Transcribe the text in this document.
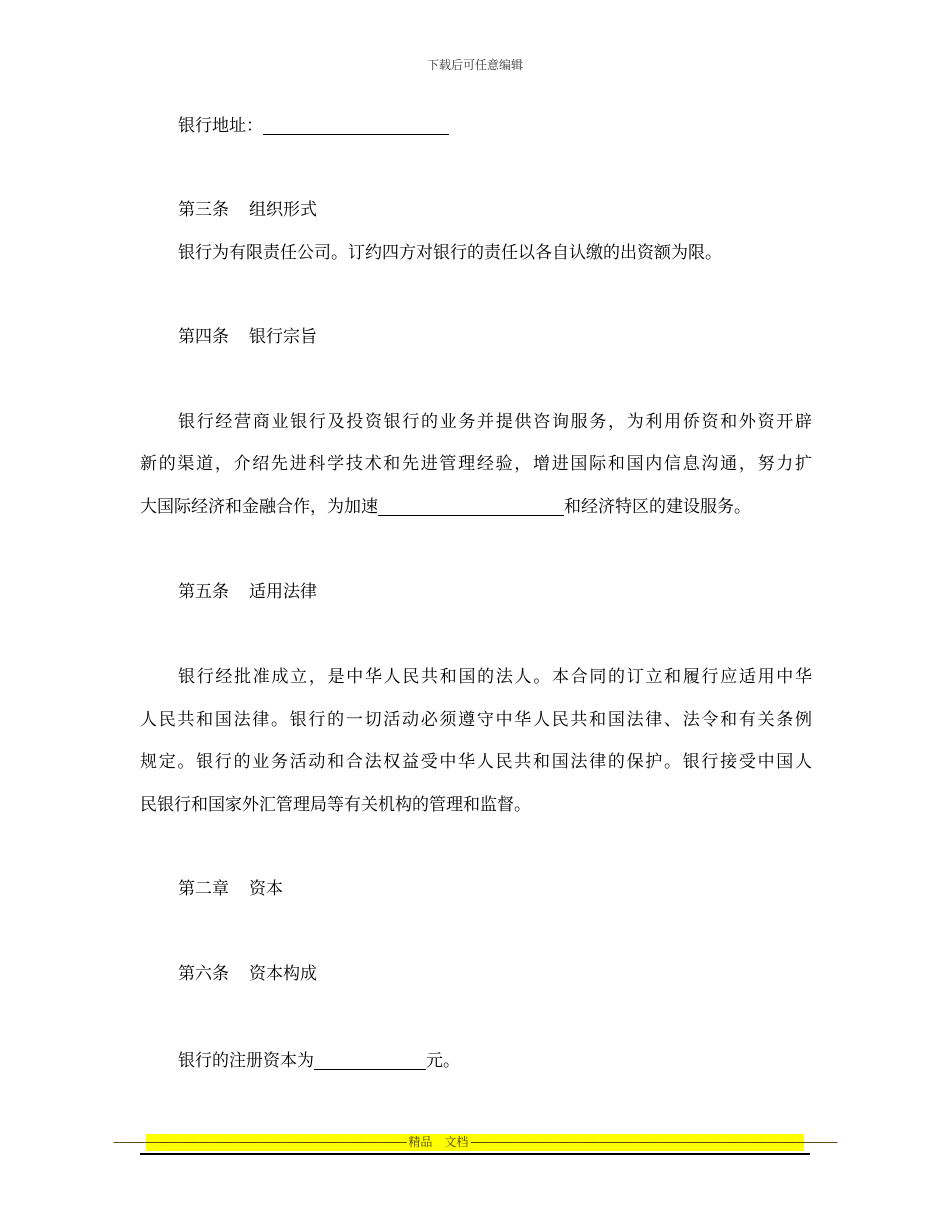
下载后可任意编辑
银行地址：
第三条 组织形式
银行为有限责任公司。订约四方对银行的责任以各自认缴的出资额为限。
第四条 银行宗旨
银行经营商业银行及投资银行的业务并提供咨询服务，为利用侨资和外资开辟
新的渠道，介绍先进科学技术和先进管理经验，增进国际和国内信息沟通，努力扩
大国际经济和金融合作，为加速	和经济特区的建设服务。
第五条 适用法律
银行经批准成立，是中华人民共和国的法人。本合同的订立和履行应适用中华
人民共和国法律。银行的一切活动必须遵守中华人民共和国法律、法令和有关条例
规定。银行的业务活动和合法权益受中华人民共和国法律的保护。银行接受中国人
民银行和国家外汇管理局等有关机构的管理和监督。
第二章 资本
第六条 资本构成
银行的注册资本为	元。
------------------------------------------------------------------------------------------------ 精品　文档 ------------------------------------------------------------------------------------------------------------------------
